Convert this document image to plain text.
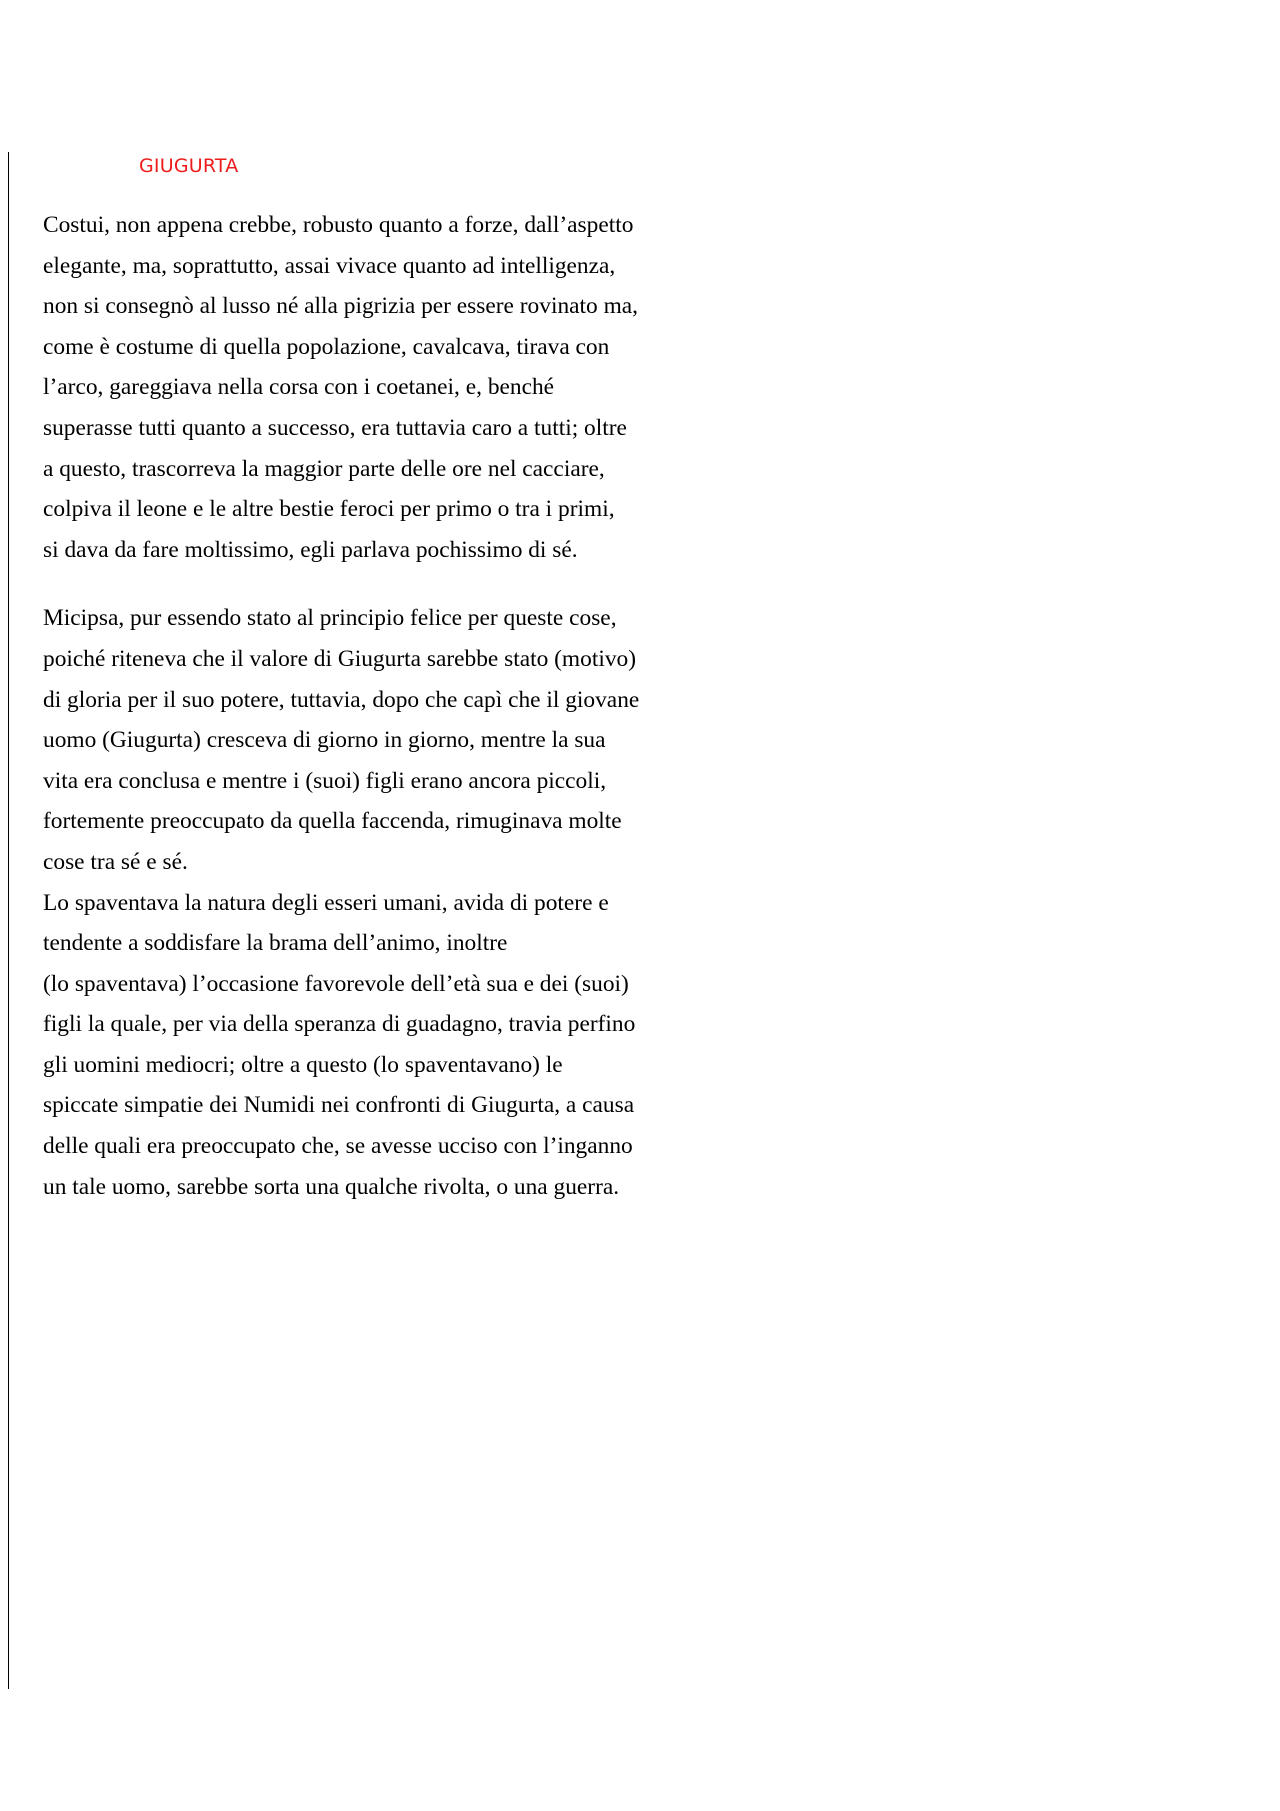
GIUGURTA
Costui, non appena crebbe, robusto quanto a forze, dall’aspetto
elegante, ma, soprattutto, assai vivace quanto ad intelligenza,
non si consegnò al lusso né alla pigrizia per essere rovinato ma,
come è costume di quella popolazione, cavalcava, tirava con
l’arco, gareggiava nella corsa con i coetanei, e, benché
superasse tutti quanto a successo, era tuttavia caro a tutti; oltre
a questo, trascorreva la maggior parte delle ore nel cacciare,
colpiva il leone e le altre bestie feroci per primo o tra i primi,
si dava da fare moltissimo, egli parlava pochissimo di sé.
Micipsa, pur essendo stato al principio felice per queste cose,
poiché riteneva che il valore di Giugurta sarebbe stato (motivo)
di gloria per il suo potere, tuttavia, dopo che capì che il giovane
uomo (Giugurta) cresceva di giorno in giorno, mentre la sua
vita era conclusa e mentre i (suoi) figli erano ancora piccoli,
fortemente preoccupato da quella faccenda, rimuginava molte
cose tra sé e sé.
Lo spaventava la natura degli esseri umani, avida di potere e
tendente a soddisfare la brama dell’animo, inoltre
(lo spaventava) l’occasione favorevole dell’età sua e dei (suoi)
figli la quale, per via della speranza di guadagno, travia perfino
gli uomini mediocri; oltre a questo (lo spaventavano) le
spiccate simpatie dei Numidi nei confronti di Giugurta, a causa
delle quali era preoccupato che, se avesse ucciso con l’inganno
un tale uomo, sarebbe sorta una qualche rivolta, o una guerra.
